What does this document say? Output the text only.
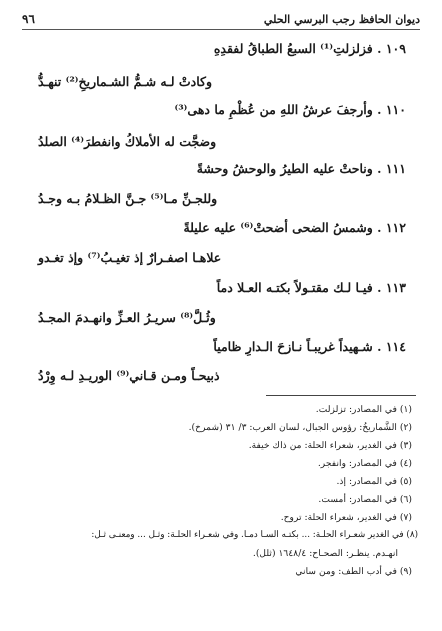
٩٦	ديوان الحافظ رجب البرسي الحلي
١٠٩ . فزلزلتِ⁽¹⁾ السبعُ الطباقُ لفقدِهِ
وكادتْ لـه شـمُّ الشـماريخِ⁽²⁾ تنهـدُّ
١١٠ . وأرجفَ عرشُ اللهِ من عُظْمِ ما دهى⁽³⁾
وضجَّت له الأملاكُ وانفطرَ⁽⁴⁾ الصلدُ
١١١ . وناحتْ عليه الطيرُ والوحشُ وحشةً
وللجـنِّ مـا⁽⁵⁾ جـنَّ الظـلامُ بـه وجـدُ
١١٢ . وشمسُ الضحى أضحتْ⁽⁶⁾ عليه عليلةً
علاهـا اصفـرارٌ إذ تغيـبُ⁽⁷⁾ وإذ تغـدو
١١٣ . فيـا لـك مقتـولاً بكتـه العـلا دماً
وثُـلَّ⁽⁸⁾ سريـرُ العـزِّ وانهـدمَ المجـدُ
١١٤ . شـهيداً غريبـاً نـازحَ الـدارِ ظامياً
ذبيحـاً ومـن قـاني⁽⁹⁾ الوريـدِ لـه وِرْدُ
(١) في المصادر: تزلزلت.
(٢) الشَّماريخُ: رؤوس الجبال، لسان العرب: ٣/ ٣١ (شمرخ).
(٣) في الغدير، شعراء الحلة: من ذاك خيفة.
(٤) في المصادر: وانفجر.
(٥) في المصادر: إذ.
(٦) في المصادر: أمست.
(٧) في الغدير، شعراء الحلة: تروح.
(٨) في الغدير شعـراء الحلـة: ... بكتـه السـا دمـا. وفي شعـراء الحلـة: وثـل ... ومعنـى ثـل:
انهـدم. ينظـر: الصحـاح: ١٦٤٨/٤ (ثلل).
(٩) في أدب الطف: ومن ساني
